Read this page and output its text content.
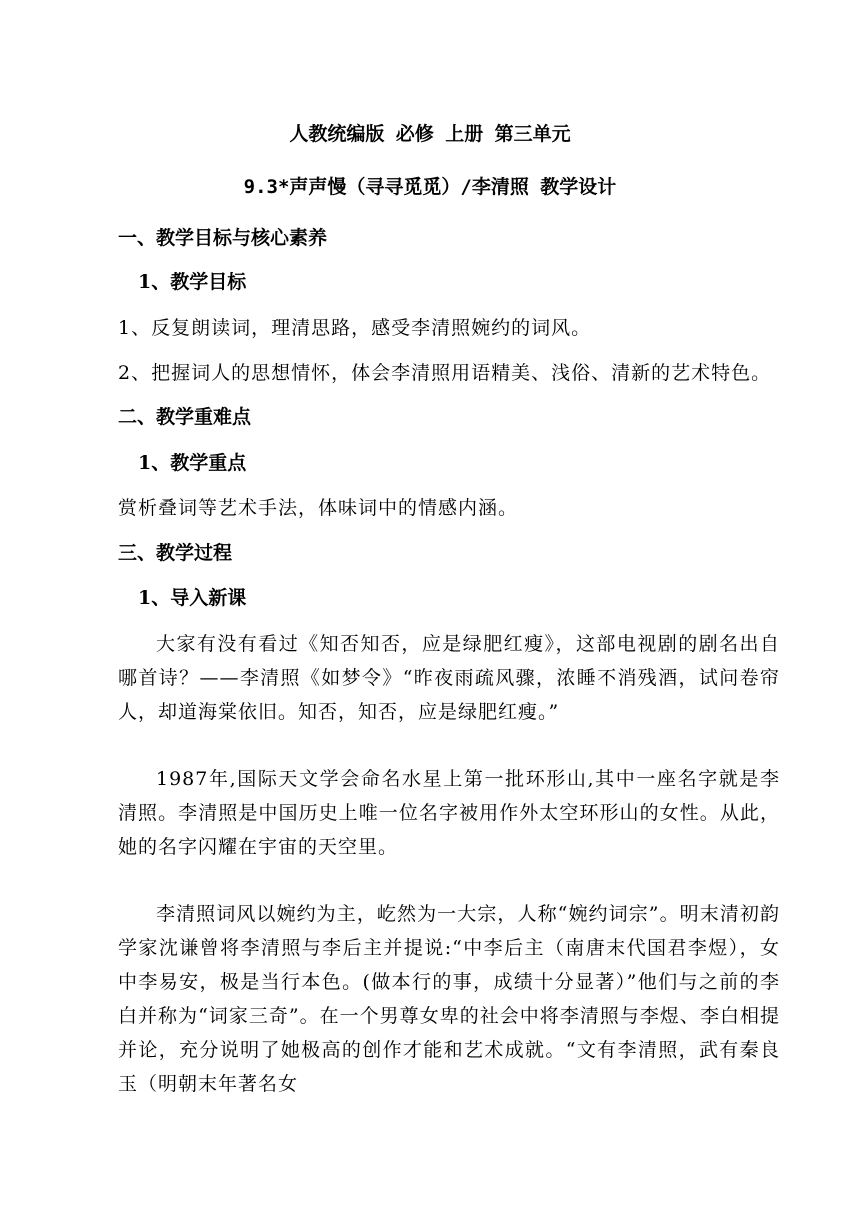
人教统编版 必修 上册 第三单元
9.3*声声慢（寻寻觅觅）/李清照 教学设计
一、教学目标与核心素养
1、教学目标
1、反复朗读词，理清思路，感受李清照婉约的词风。
2、把握词人的思想情怀，体会李清照用语精美、浅俗、清新的艺术特色。
二、教学重难点
1、教学重点
赏析叠词等艺术手法，体味词中的情感内涵。
三、教学过程
1、导入新课
大家有没有看过《知否知否，应是绿肥红瘦》，这部电视剧的剧名出自哪首诗？——李清照《如梦令》“昨夜雨疏风骤，浓睡不消残酒，试问卷帘人，却道海棠依旧。知否，知否，应是绿肥红瘦。”
1987年,国际天文学会命名水星上第一批环形山,其中一座名字就是李清照。李清照是中国历史上唯一位名字被用作外太空环形山的女性。从此，她的名字闪耀在宇宙的天空里。
李清照词风以婉约为主，屹然为一大宗，人称“婉约词宗”。明末清初韵学家沈谦曾将李清照与李后主并提说:“中李后主（南唐末代国君李煜），女中李易安，极是当行本色。(做本行的事，成绩十分显著）”他们与之前的李白并称为“词家三奇”。在一个男尊女卑的社会中将李清照与李煜、李白相提并论，充分说明了她极高的创作才能和艺术成就。“文有李清照，武有秦良玉（明朝末年著名女
